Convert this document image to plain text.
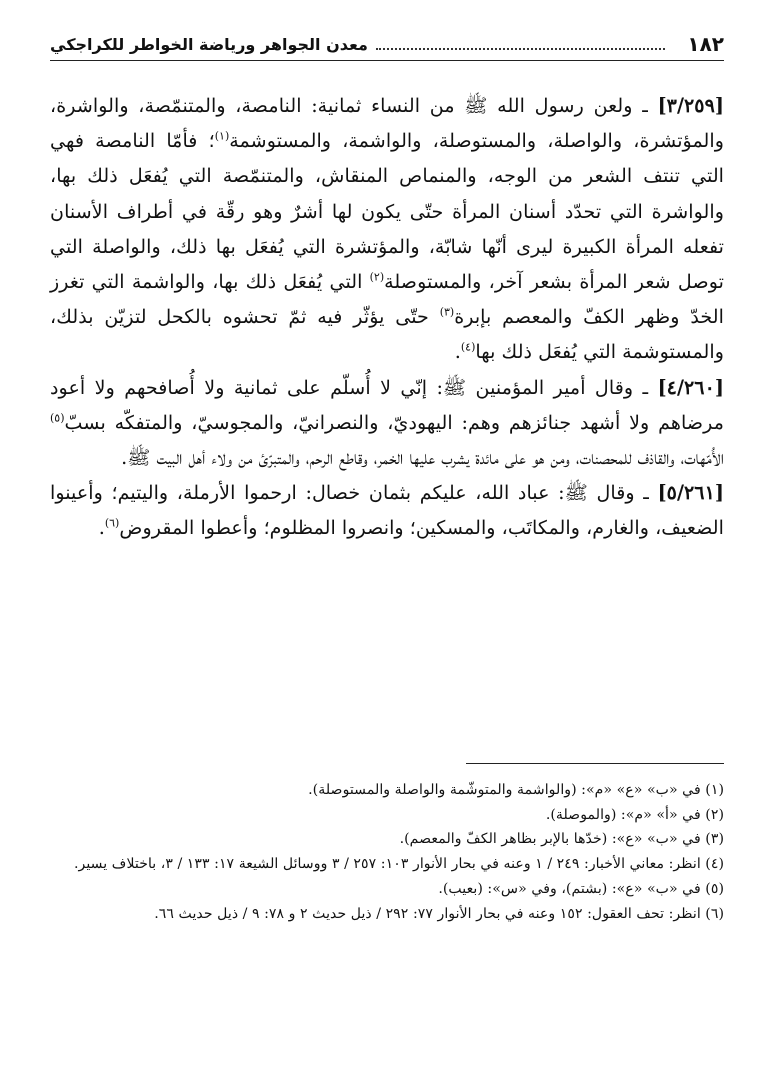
١٨٢
معدن الجواهر ورياضة الخواطر للكراجكي

[٣/٢٥٩] ـ ولعن رسول الله ﷺ من النساء ثمانية: النامصة، والمتنمّصة، والواشرة، والمؤتشرة، والواصلة، والمستوصلة، والواشمة، والمستوشمة$^{(١)}$؛ فأمّا النامصة فهي التي تنتف الشعر من الوجه، والمنماص المنقاش، والمتنمّصة التي يُفعَل ذلك بها، والواشرة التي تحدّد أسنان المرأة حتّى يكون لها أشرٌ وهو رقّة في أطراف الأسنان تفعله المرأة الكبيرة ليرى أنّها شابّة، والمؤتشرة التي يُفعَل بها ذلك، والواصلة التي توصل شعر المرأة بشعر آخر، والمستوصلة$^{(٢)}$ التي يُفعَل ذلك بها، والواشمة التي تغرز الخدّ وظهر الكفّ والمعصم بإبرة$^{(٣)}$ حتّى يؤثّر فيه ثمّ تحشوه بالكحل لتزيّن بذلك، والمستوشمة التي يُفعَل ذلك بها$^{(٤)}$.

[٤/٢٦٠] ـ وقال أمير المؤمنين ﷺ: إنّي لا أُسلّم على ثمانية ولا أُصافحهم ولا أعود مرضاهم ولا أشهد جنائزهم وهم: اليهوديّ، والنصرانيّ، والمجوسيّ، والمتفكّه بسبّ$^{(٥)}$ الأُمّهات، والقاذف للمحصنات، ومن هو على مائدة يشرب عليها الخمر، وقاطع الرحم، والمتبرّئ من ولاء أهل البيت ﷺ.

[٥/٢٦١] ـ وقال ﷺ: عباد الله، عليكم بثمان خصال: ارحموا الأرملة، واليتيم؛ وأعينوا الضعيف، والغارم، والمكاتَب، والمسكين؛ وانصروا المظلوم؛ وأعطوا المقروض$^{(٦)}$.

(١) في «ب» «ع» «م»: (والواشمة والمتوشّمة والواصلة والمستوصلة).
(٢) في «أ» «م»: (والموصلة).
(٣) في «ب» «ع»: (خدّها بالإبر بظاهر الكفّ والمعصم).
(٤) انظر: معاني الأخبار: ٢٤٩ / ١ وعنه في بحار الأنوار ١٠٣: ٢٥٧ / ٣ ووسائل الشيعة ١٧: ١٣٣ / ٣، باختلاف يسير.
(٥) في «ب» «ع»: (بشتم)، وفي «س»: (بعيب).
(٦) انظر: تحف العقول: ١٥٢ وعنه في بحار الأنوار ٧٧: ٢٩٢ / ذيل حديث ٢ و ٧٨: ٩ / ذيل حديث ٦٦.
